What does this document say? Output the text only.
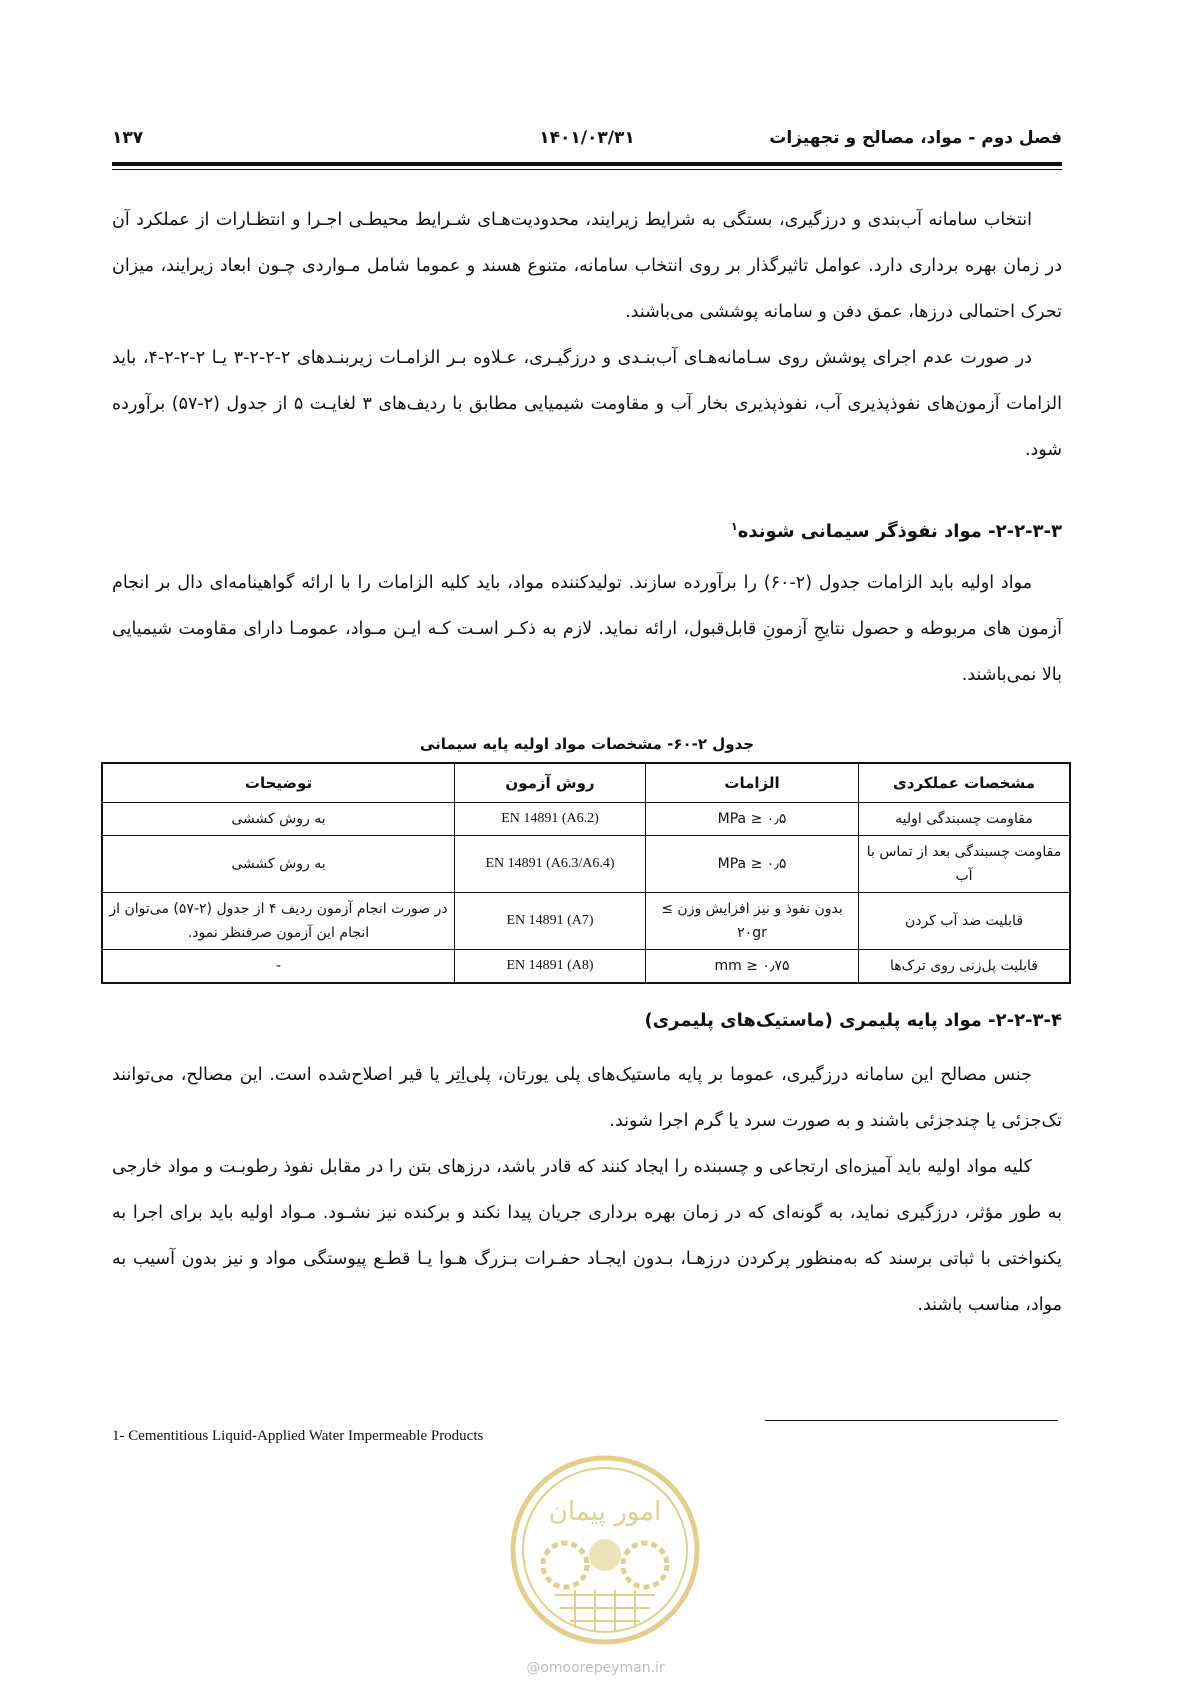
فصل دوم - مواد، مصالح و تجهیزات
۱۴۰۱/۰۳/۳۱
۱۳۷

انتخاب سامانه آب‌بندی و درزگیری، بستگی به شرایط زیرایند، محدودیت‌هـای شـرایط محیطـی اجـرا و انتظـارات از عملکرد آن در زمان بهره برداری دارد. عوامل تاثیرگذار بر روی انتخاب سامانه، متنوع هسند و عموما شامل مـواردی چـون ابعاد زیرایند، میزان تحرک احتمالی درزها، عمق دفن و سامانه پوششی می‌باشند.

در صورت عدم اجرای پوشش روی سـامانه‌هـای آب‌بنـدی و درزگیـری، عـلاوه بـر الزامـات زیربنـدهای ۲-۲-۲-۳ یـا ۲-۲-۲-۴، باید الزامات آزمون‌های نفوذپذیری آب، نفوذپذیری بخار آب و مقاومت شیمیایی مطابق با ردیف‌های ۳ لغایـت ۵ از جدول (۲-۵۷) برآورده شود.

۲-۲-۳-۳- مواد نفوذگر سیمانی شونده$^۱$

مواد اولیه باید الزامات جدول (۲-۶۰) را برآورده سازند. تولیدکننده مواد، باید کلیه الزامات را با ارائه گواهینامه‌ای دال بر انجام آزمون های مربوطه و حصول نتایجِ آزمونِ قابل‌قبول، ارائه نماید. لازم به ذکـر اسـت کـه ایـن مـواد، عمومـا دارای مقاومت شیمیایی بالا نمی‌باشند.

جدول ۲-۶۰- مشخصات مواد اولیه پایه سیمانی
مشخصات عملکردی	الزامات	روش آزمون	توضیحات
مقاومت چسبندگی اولیه	۰٫۵ ≤ MPa	EN 14891 (A6.2)	به روش کششی
مقاومت چسبندگی بعد از تماس با آب	۰٫۵ ≤ MPa	EN 14891 (A6.3/A6.4)	به روش کششی
قابلیت ضد آب کردن	بدون نفوذ و نیز افزایش وزن ≥ ۲۰gr	EN 14891 (A7)	در صورت انجام آزمون ردیف ۴ از جدول (۲-۵۷) می‌توان از انجام این آزمون صرفنظر نمود.
قابلیت پل‌زنی روی ترک‌ها	۰٫۷۵ ≤ mm	EN 14891 (A8)	-
۲-۲-۳-۴- مواد پایه پلیمری (ماستیک‌های پلیمری)

جنس مصالح این سامانه درزگیری، عموما بر پایه ماستیک‌های پلی یورتان، پلی‌اِتِر یا قیر اصلاح‌شده است. این مصالح، می‌توانند تک‌جزئی یا چندجزئی باشند و به صورت سرد یا گرم اجرا شوند.

کلیه مواد اولیه باید آمیزه‌ای ارتجاعی و چسبنده را ایجاد کنند که قادر باشد، درزهای بتن را در مقابل نفوذ رطوبـت و مواد خارجی به طور مؤثر، درزگیری نماید، به گونه‌ای که در زمان بهره برداری جریان پیدا نکند و برکنده نیز نشـود. مـواد اولیه باید برای اجرا به یکنواختی با ثباتی برسند که به‌منظور پرکردن درزهـا، بـدون ایجـاد حفـرات بـزرگ هـوا یـا قطـع پیوستگی مواد و نیز بدون آسیب به مواد، مناسب باشند.

1- Cementitious Liquid-Applied Water Impermeable Products
امور پیمان
@omoorepeyman.ir
